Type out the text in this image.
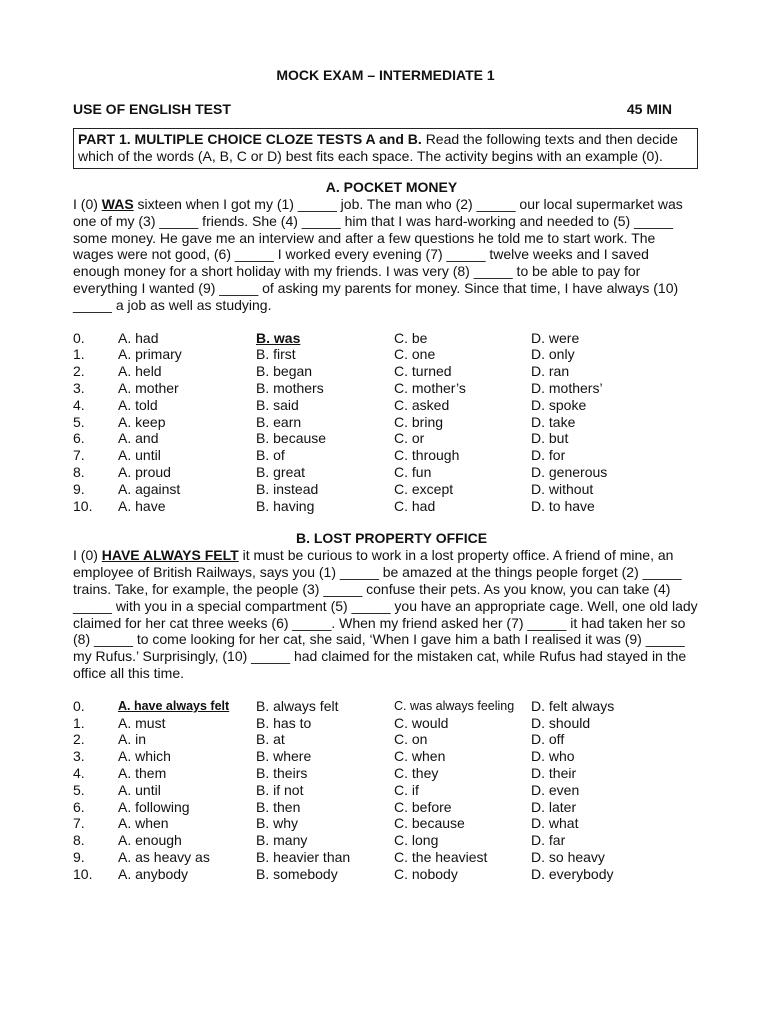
MOCK EXAM – INTERMEDIATE 1
USE OF ENGLISH TEST	45 MIN
PART 1. MULTIPLE CHOICE CLOZE TESTS A and B. Read the following texts and then decide which of the words (A, B, C or D) best fits each space. The activity begins with an example (0).
A. POCKET MONEY

I (0) WAS sixteen when I got my (1) _____ job. The man who (2) _____ our local supermarket was one of my (3) _____ friends. She (4) _____ him that I was hard-working and needed to (5) _____ some money. He gave me an interview and after a few questions he told me to start work. The wages were not good, (6) _____ I worked every evening (7) _____ twelve weeks and I saved enough money for a short holiday with my friends. I was very (8) _____ to be able to pay for everything I wanted (9) _____ of asking my parents for money. Since that time, I have always (10) _____ a job as well as studying.

0.	A. had	B. was	C. be	D. were
1.	A. primary	B. first	C. one	D. only
2.	A. held	B. began	C. turned	D. ran
3.	A. mother	B. mothers	C. mother’s	D. mothers’
4.	A. told	B. said	C. asked	D. spoke
5.	A. keep	B. earn	C. bring	D. take
6.	A. and	B. because	C. or	D. but
7.	A. until	B. of	C. through	D. for
8.	A. proud	B. great	C. fun	D. generous
9.	A. against	B. instead	C. except	D. without
10.	A. have	B. having	C. had	D. to have
B. LOST PROPERTY OFFICE

I (0) HAVE ALWAYS FELT it must be curious to work in a lost property office. A friend of mine, an employee of British Railways, says you (1) _____ be amazed at the things people forget (2) _____ trains. Take, for example, the people (3) _____ confuse their pets. As you know, you can take (4) _____ with you in a special compartment (5) _____ you have an appropriate cage. Well, one old lady claimed for her cat three weeks (6) _____. When my friend asked her (7) _____ it had taken her so (8) _____ to come looking for her cat, she said, ‘When I gave him a bath I realised it was (9) _____ my Rufus.’ Surprisingly, (10) _____ had claimed for the mistaken cat, while Rufus had stayed in the office all this time.

0.	A. have always felt	B. always felt	C. was always feeling	D. felt always
1.	A. must	B. has to	C. would	D. should
2.	A. in	B. at	C. on	D. off
3.	A. which	B. where	C. when	D. who
4.	A. them	B. theirs	C. they	D. their
5.	A. until	B. if not	C. if	D. even
6.	A. following	B. then	C. before	D. later
7.	A. when	B. why	C. because	D. what
8.	A. enough	B. many	C. long	D. far
9.	A. as heavy as	B. heavier than	C. the heaviest	D. so heavy
10.	A. anybody	B. somebody	C. nobody	D. everybody
